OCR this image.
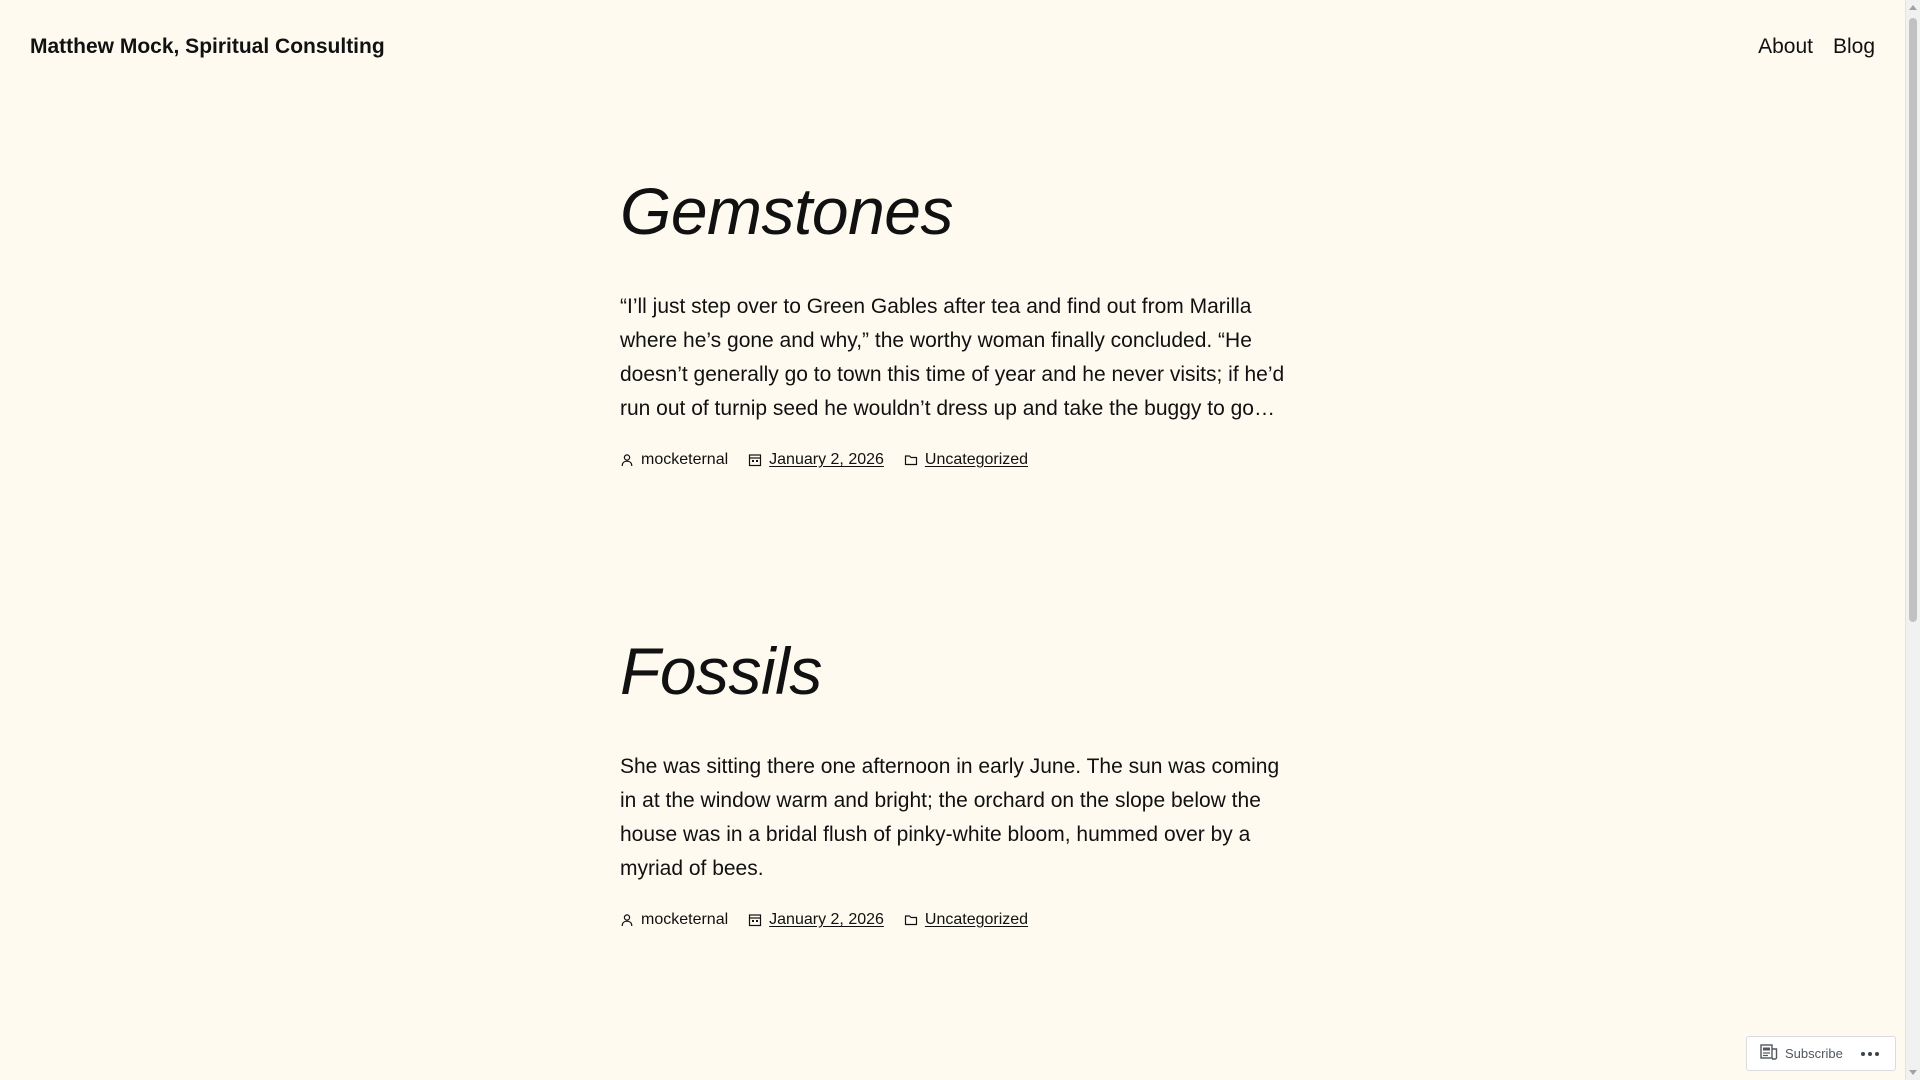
Matthew Mock, Spiritual Consulting	About Blog
Gemstones

“I’ll just step over to Green Gables after tea and find out from Marilla where he’s gone and why,” the worthy woman finally concluded. “He doesn’t generally go to town this time of year and he never visits; if he’d run out of turnip seed he wouldn’t dress up and take the buggy to go…

mocketernal	January 2, 2026	Uncategorized
Fossils

She was sitting there one afternoon in early June. The sun was coming in at the window warm and bright; the orchard on the slope below the house was in a bridal flush of pinky-white bloom, hummed over by a myriad of bees.

mocketernal	January 2, 2026	Uncategorized
Subscribe
